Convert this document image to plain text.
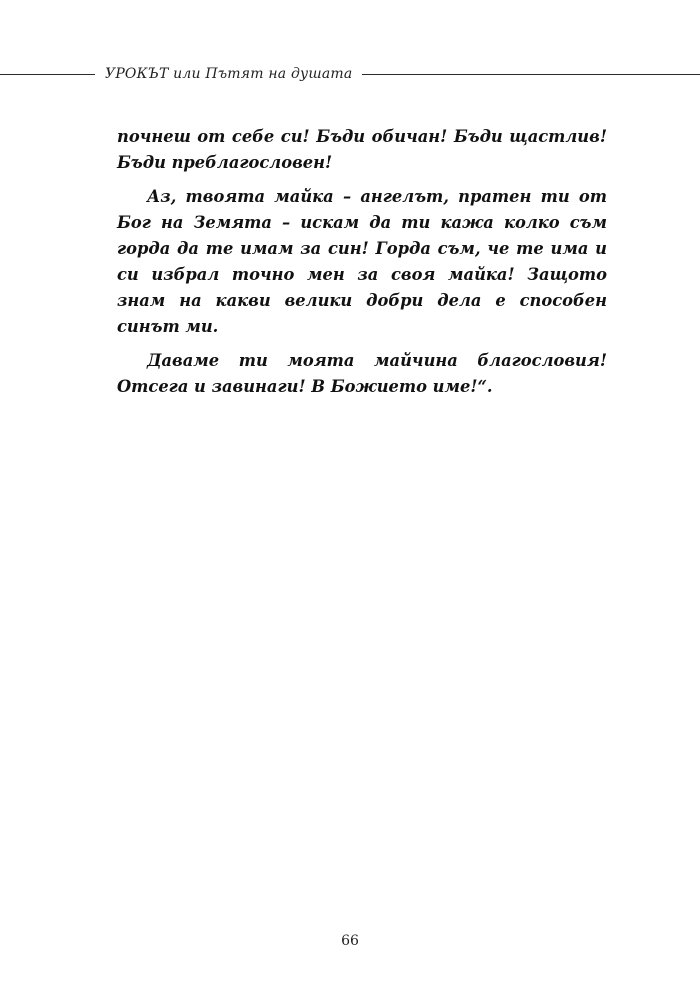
УРОКЪТ или Пътят на душата

почнеш от себе си! Бъди обичан! Бъди щастлив! Бъди преблагословен!

Аз, твоята майка – ангелът, пратен ти от Бог на Земята – искам да ти кажа колко съм горда да те имам за син! Горда съм, че те има и си избрал точно мен за своя майка! Защото знам на какви велики добри дела е способен синът ми.

Даваме ти моята майчина благословия! Отсега и завинаги! В Божието име!“.

66
